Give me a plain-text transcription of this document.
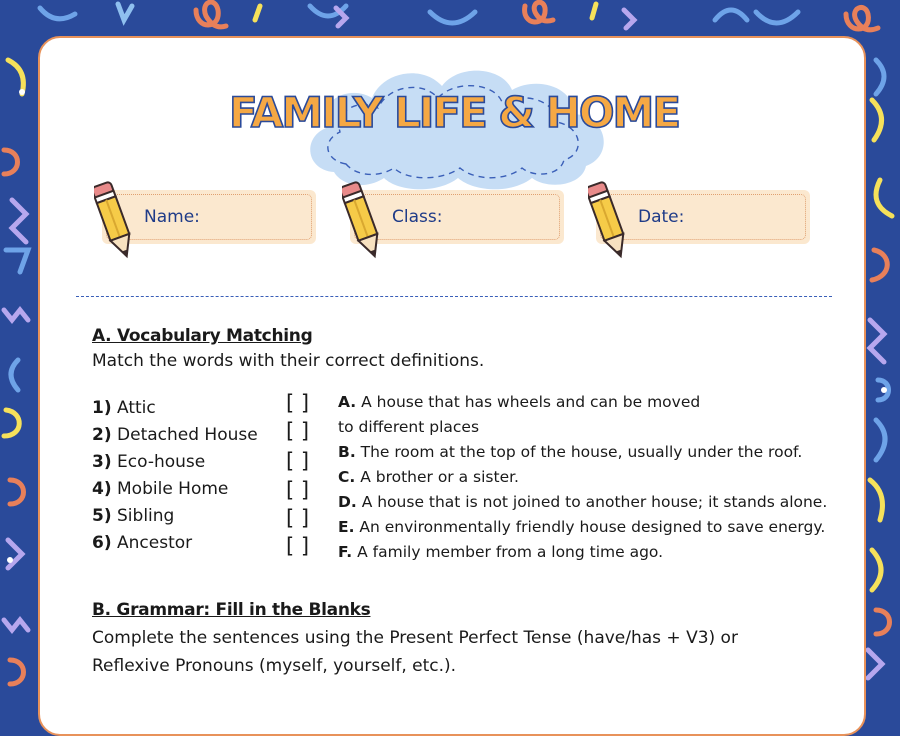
FAMILY LIFE & HOME
Name:	Class:	Date:
A. Vocabulary Matching
Match the words with their correct definitions.
1) Attic
2) Detached House
3) Eco-house
4) Mobile Home
5) Sibling
6) Ancestor
[ ]
[ ]
[ ]
[ ]
[ ]
[ ]
A. A house that has wheels and can be moved
to different places
B. The room at the top of the house, usually under the roof.
C. A brother or a sister.
D. A house that is not joined to another house; it stands alone.
E. An environmentally friendly house designed to save energy.
F. A family member from a long time ago.
B. Grammar: Fill in the Blanks
Complete the sentences using the Present Perfect Tense (have/has + V3) or
Reflexive Pronouns (myself, yourself, etc.).
